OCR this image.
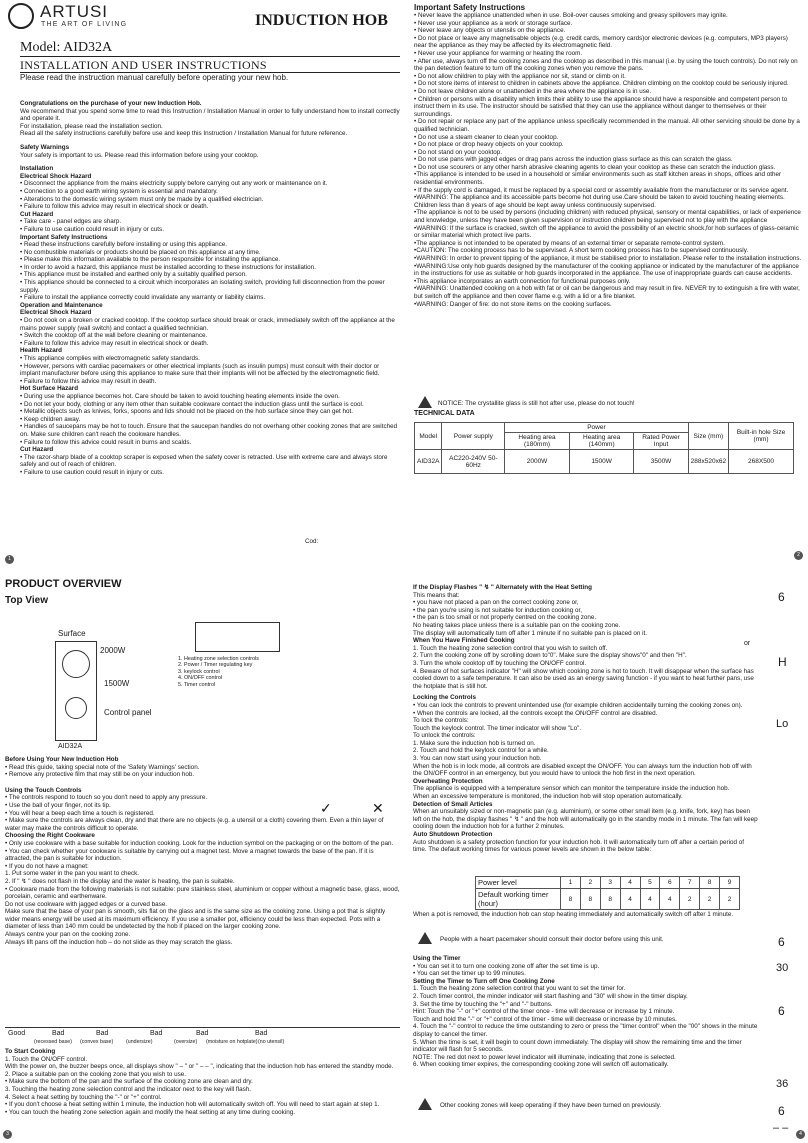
ARTUSI
THE ART OF LIVING	INDUCTION HOB
Model: AID32A
INSTALLATION AND USER INSTRUCTIONS
Please read the instruction manual carefully before operating your new hob.

Congratulations on the purchase of your new Induction Hob.

We recommend that you spend some time to read this Instruction / Installation Manual in order to fully understand how to install correctly and operate it.

For installation, please read the installation section.

Read all the safety instructions carefully before use and keep this Instruction / Installation Manual for future reference.

Safety Warnings

Your safety is important to us. Please read this information before using your cooktop.

Installation

Electrical Shock Hazard

• Disconnect the appliance from the mains electricity supply before carrying out any work or maintenance on it.

• Connection to a good earth wiring system is essential and mandatory.

• Alterations to the domestic wiring system must only be made by a qualified electrician.

• Failure to follow this advice may result in electrical shock or death.

Cut Hazard

• Take care - panel edges are sharp.

• Failure to use caution could result in injury or cuts.

Important Safety Instructions

• Read these instructions carefully before installing or using this appliance.

• No combustible materials or products should be placed on this appliance at any time.

• Please make this information available to the person responsible for installing the appliance.

• In order to avoid a hazard, this appliance must be installed according to these instructions for installation.

• This appliance must be installed and earthed only by a suitably qualified person.

• This appliance should be connected to a circuit which incorporates an isolating switch, providing full disconnection from the power supply.

• Failure to install the appliance correctly could invalidate any warranty or liability claims.

Operation and Maintenance

Electrical Shock Hazard

• Do not cook on a broken or cracked cooktop. If the cooktop surface should break or crack, immediately switch off the appliance at the mains power supply (wall switch) and contact a qualified technician.

• Switch the cooktop off at the wall before cleaning or maintenance.

• Failure to follow this advice may result in electrical shock or death.

Health Hazard

• This appliance complies with electromagnetic safety standards.

• However, persons with cardiac pacemakers or other electrical implants (such as insulin pumps) must consult with their doctor or implant manufacturer before using this appliance to make sure that their implants will not be affected by the electromagnetic field.

• Failure to follow this advice may result in death.

Hot Surface Hazard

• During use the appliance becomes hot. Care should be taken to avoid touching heating elements inside the oven.

• Do not let your body, clothing or any item other than suitable cookware contact the induction glass until the surface is cool.

• Metallic objects such as knives, forks, spoons and lids should not be placed on the hob surface since they can get hot.

• Keep children away.

• Handles of saucepans may be hot to touch. Ensure that the saucepan handles do not overhang other cooking zones that are switched on. Make sure children can't reach the cookware handles.

• Failure to follow this advice could result in burns and scalds.

Cut Hazard

• The razor-sharp blade of a cooktop scraper is exposed when the safety cover is retracted. Use with extreme care and always store safely and out of reach of children.

• Failure to use caution could result in injury or cuts.

Important Safety Instructions

• Never leave the appliance unattended when in use. Boil-over causes smoking and greasy spillovers may ignite.

• Never use your appliance as a work or storage surface.

• Never leave any objects or utensils on the appliance.

• Do not place or leave any magnetisable objects (e.g. credit cards, memory cards)or electronic devices (e.g. computers, MP3 players) near the appliance as they may be affected by its electromagnetic field.

• Never use your appliance for warming or heating the room.

• After use, always turn off the cooking zones and the cooktop as described in this manual (i.e. by using the touch controls). Do not rely on the pan detection feature to turn off the cooking zones when you remove the pans.

• Do not allow children to play with the appliance nor sit, stand or climb on it.

• Do not store items of interest to children in cabinets above the appliance. Children climbing on the cooktop could be seriously injured.

• Do not leave children alone or unattended in the area where the appliance is in use.

• Children or persons with a disability which limits their ability to use the appliance should have a responsible and competent person to instruct them in its use. The instructor should be satisfied that they can use the appliance without danger to themselves or their surroundings.

• Do not repair or replace any part of the appliance unless specifically recommended in the manual. All other servicing should be done by a qualified technician.

• Do not use a steam cleaner to clean your cooktop.

• Do not place or drop heavy objects on your cooktop.

• Do not stand on your cooktop.

• Do not use pans with jagged edges or drag pans across the induction glass surface as this can scratch the glass.

• Do not use scourers or any other harsh abrasive cleaning agents to clean your cooktop as these can scratch the induction glass.

•This appliance is intended to be used in a household or similar environments such as staff kitchen areas in shops, offices and other residential environments.

• If the supply cord is damaged, it must be replaced by a special cord or assembly available from the manufacturer or its service agent.

•WARNING: The appliance and its accessible parts become hot during use.Care should be taken to avoid touching heating elements.

Children less than 8 years of age should be kept away unless continuously supervised.

•The appliance is not to be used by persons (including children) with reduced physical, sensory or mental capabilities, or lack of experience and knowledge, unless they have been given supervision or instruction children being supervised not to play with the appliance

•WARNING: If the surface is cracked, switch off the appliance to avoid the possibility of an electric shock,for hob surfaces of glass-ceramic or similar material which protect live parts.

•The appliance is not intended to be operated by means of an external timer or separate remote-control system.

•CAUTION: The cooking process has to be supervised. A short term cooking process has to be supervised continuously.

•WARNING: In order to prevent tipping of the appliance, it must be stabilised prior to installation. Please refer to the installation instructions.

•WARNING:Use only hob guards designed by the manufacturer of the cooking appliance or indicated by the manufacturer of the appliance in the instructions for use as suitable or hob guards incorporated in the appliance. The use of inappropriate guards can cause accidents.

•This appliance incorporates an earth connection for functional purposes only.

•WARNING: Unattended cooking on a hob with fat or oil can be dangerous and may result in fire. NEVER try to extinguish a fire with water, but switch off the appliance and then cover flame e.g. with a lid or a fire blanket.

•WARNING: Danger of fire: do not store items on the cooking surfaces.

NOTICE: The crystallite glass is still hot after use, please do not touch!
TECHNICAL DATA
Model	Power supply	Power			Size (mm)	Built-in hole Size (mm)
		Heating area (180mm)	Heating area (140mm)	Rated Power Input		
AID32A	AC220-240V 50-60Hz	2000W	1500W	3500W	288x520x62	268X500
Cod:
1
2
PRODUCT OVERVIEW
Top View
Surface
2000W
1500W
Control panel
AID32A

1. Heating zone selection controls

2. Power / Timer regulating key

3. keylock control

4. ON/OFF control

5. Timer control

Before Using Your New Induction Hob

• Read this guide, taking special note of the 'Safety Warnings' section.

• Remove any protective film that may still be on your induction hob.

Using the Touch Controls

• The controls respond to touch so you don't need to apply any pressure.

• Use the ball of your finger, not its tip.

• You will hear a beep each time a touch is registered.

• Make sure the controls are always clean, dry and that there are no objects (e.g. a utensil or a cloth) covering them. Even a thin layer of water may make the controls difficult to operate.

Choosing the Right Cookware

• Only use cookware with a base suitable for induction cooking. Look for the induction symbol on the packaging or on the bottom of the pan.

• You can check whether your cookware is suitable by carrying out a magnet test. Move a magnet towards the base of the pan. If it is attracted, the pan is suitable for induction.

• If you do not have a magnet:

1. Put some water in the pan you want to check.

2. If " ↯ " does not flash in the display and the water is heating, the pan is suitable.

• Cookware made from the following materials is not suitable: pure stainless steel, aluminium or copper without a magnetic base, glass, wood, porcelain, ceramic and earthenware.

Do not use cookware with jagged edges or a curved base.

Make sure that the base of your pan is smooth, sits flat on the glass and is the same size as the cooking zone. Using a pot that is slightly wider means energy will be used at its maximum efficiency. If you use a smaller pot, efficiency could be less than expected. Pots with a diameter of less than 140 mm could be undetected by the hob if placed on the larger cooking zone.

Always centre your pan on the cooking zone.

Always lift pans off the induction hob – do not slide as they may scratch the glass.

✓	✕
Good	Bad	Bad	Bad	Bad	Bad
(recessed base) (convex base) (undersize)	(oversize) (moisture on hotplate) (no utensil)

To Start Cooking

1. Touch the ON/OFF control.

With the power on, the buzzer beeps once, all displays show " – " or " – – ", indicating that the induction hob has entered the standby mode.

2. Place a suitable pan on the cooking zone that you wish to use.

• Make sure the bottom of the pan and the surface of the cooking zone are clean and dry.

3. Touching the heating zone selection control and the indicator next to the key will flash.

4. Select a heat setting by touching the "-" or "+" control.

• If you don't choose a heat setting within 1 minute, the induction hob will automatically switch off. You will need to start again at step 1.

• You can touch the heating zone selection again and modify the heat setting at any time during cooking.

3

If the Display Flashes " ↯ " Alternately with the Heat Setting

This means that:

• you have not placed a pan on the correct cooking zone or,

• the pan you're using is not suitable for induction cooking or,

• the pan is too small or not properly centred on the cooking zone.

No heating takes place unless there is a suitable pan on the cooking zone.

The display will automatically turn off after 1 minute if no suitable pan is placed on it.

When You Have Finished Cooking

1. Touch the heating zone selection control that you wish to switch off.

2. Turn the cooking zone off by scrolling down to"0". Make sure the display shows"0" and then "H".

3. Turn the whole cooktop off by touching the ON/OFF control.

4. Beware of hot surfaces indicator "H" will show which cooking zone is hot to touch. It will disappear when the surface has cooled down to a safe temperature. It can also be used as an energy saving function - if you want to heat further pans, use the hotplate that is still hot.

Locking the Controls

• You can lock the controls to prevent unintended use (for example children accidentally turning the cooking zones on).

• When the controls are locked, all the controls except the ON/OFF control are disabled.

To lock the controls:

Touch the keylock control. The timer indicator will show "Lo".

To unlock the controls:

1. Make sure the induction hob is turned on.

2. Touch and hold the keylock control for a while.

3. You can now start using your induction hob.

When the hob is in lock mode, all controls are disabled except the ON/OFF. You can always turn the induction hob off with the ON/OFF control in an emergency, but you would have to unlock the hob first in the next operation.

Overheating Protection

The appliance is equipped with a temperature sensor which can monitor the temperature inside the induction hob.

When an excessive temperature is monitored, the induction hob will stop operation automatically.

Detection of Small Articles

When an unsuitably sized or non-magnetic pan (e.g. aluminium), or some other small item (e.g. knife, fork, key) has been left on the hob, the display flashes " ↯ " and the hob will automatically go in the standby mode in 1 minute. The fan will keep cooling down the induction hob for a further 2 minutes.

Auto Shutdown Protection

Auto shutdown is a safety protection function for your induction hob. It will automatically turn off after a certain period of time. The default working times for various power levels are shown in the below table:

Power level	1	2	3	4	5	6	7	8	9
Default working timer (hour)	8	8	8	4	4	4	2	2	2
When a pot is removed, the induction hob can stop heating immediately and automatically switch off after 1 minute.
People with a heart pacemaker should consult their doctor before using this unit.

Using the Timer

• You can set it to turn one cooking zone off after the set time is up.

• You can set the timer up to 99 minutes.

Setting the Timer to Turn off One Cooking Zone

1. Touch the heating zone selection control that you want to set the timer for.

2. Touch timer control, the minder indicator will start flashing and "30" will show in the timer display.

3. Set the time by touching the "+" and "-" buttons.

Hint: Touch the "-" or "+" control of the timer once - time will decrease or increase by 1 minute.

Touch and hold the "-" or "+" control of the timer - time will decrease or increase by 10 minutes.

4. Touch the "-" control to reduce the time outstanding to zero or press the "timer control" when the "00" shows in the minute display to cancel the timer.

5. When the time is set, it will begin to count down immediately. The display will show the remaining time and the timer indicator will flash for 5 seconds.

NOTE: The red dot next to power level indicator will illuminate, indicating that zone is selected.

6. When cooking timer expires, the corresponding cooking zone will switch off automatically.

Other cooking zones will keep operating if they have been turned on previously.
6
H
or
Lo
6
30
6
36
6
– –	4
